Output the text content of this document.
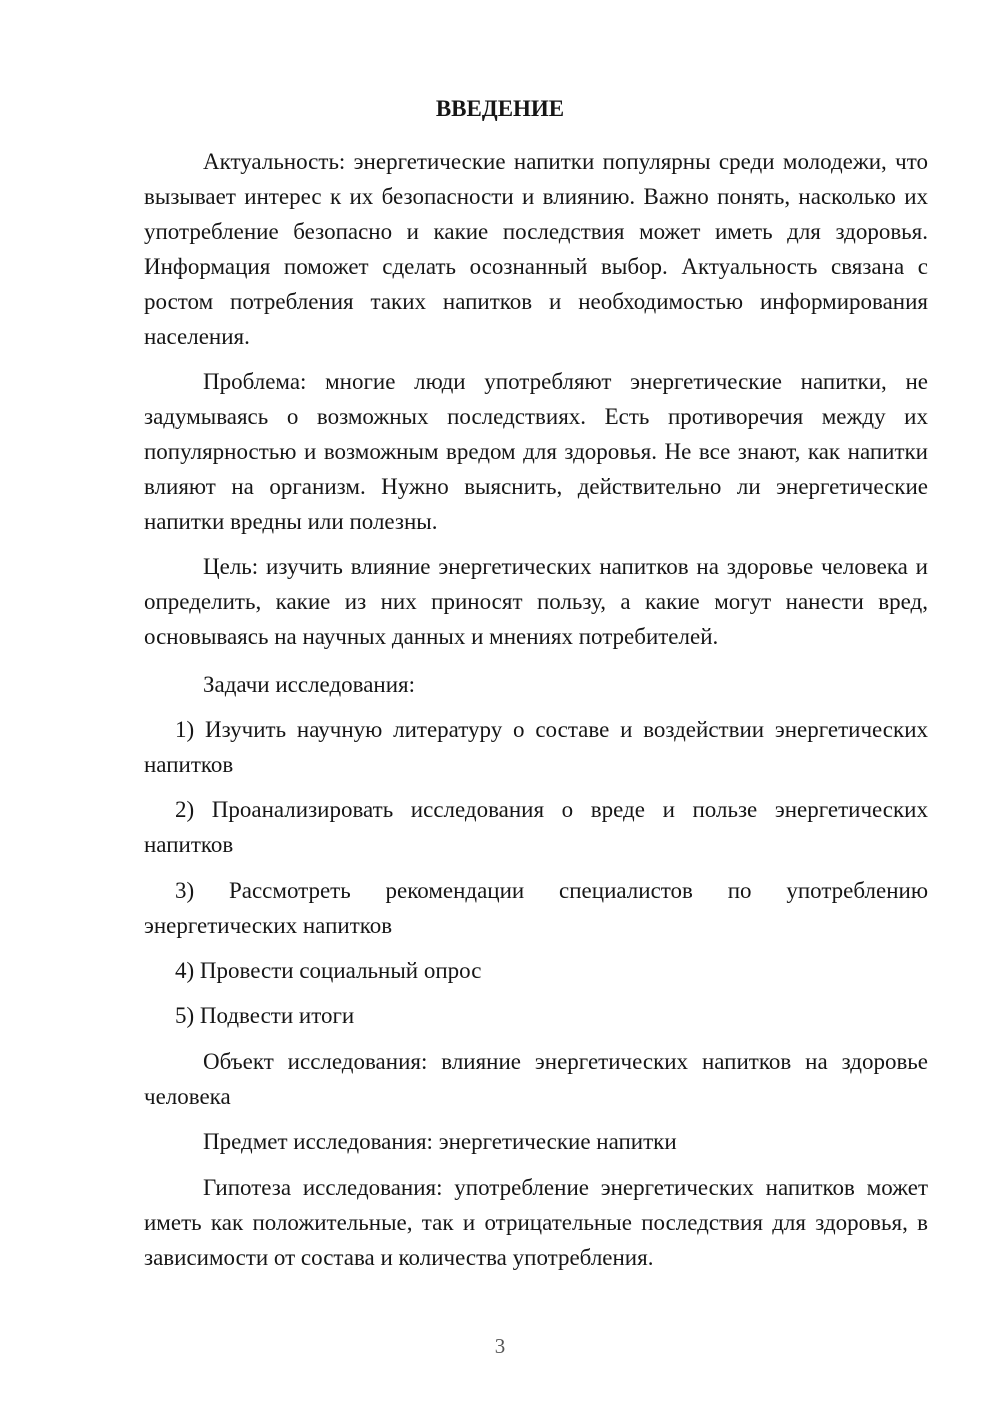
ВВЕДЕНИЕ

Актуальность: энергетические напитки популярны среди молодежи, что вызывает интерес к их безопасности и влиянию. Важно понять, насколько их употребление безопасно и какие последствия может иметь для здоровья. Информация поможет сделать осознанный выбор. Актуальность связана с ростом потребления таких напитков и необходимостью информирования населения.

Проблема: многие люди употребляют энергетические напитки, не задумываясь о возможных последствиях. Есть противоречия между их популярностью и возможным вредом для здоровья. Не все знают, как напитки влияют на организм. Нужно выяснить, действительно ли энергетические напитки вредны или полезны.

Цель: изучить влияние энергетических напитков на здоровье человека и определить, какие из них приносят пользу, а какие могут нанести вред, основываясь на научных данных и мнениях потребителей.

Задачи исследования:

1) Изучить научную литературу о составе и воздействии энергетических напитков

2) Проанализировать исследования о вреде и пользе энергетических напитков

3) Рассмотреть рекомендации специалистов по употреблению энергетических напитков

4) Провести социальный опрос

5) Подвести итоги

Объект исследования: влияние энергетических напитков на здоровье человека

Предмет исследования: энергетические напитки

Гипотеза исследования: употребление энергетических напитков может иметь как положительные, так и отрицательные последствия для здоровья, в зависимости от состава и количества употребления.

3
